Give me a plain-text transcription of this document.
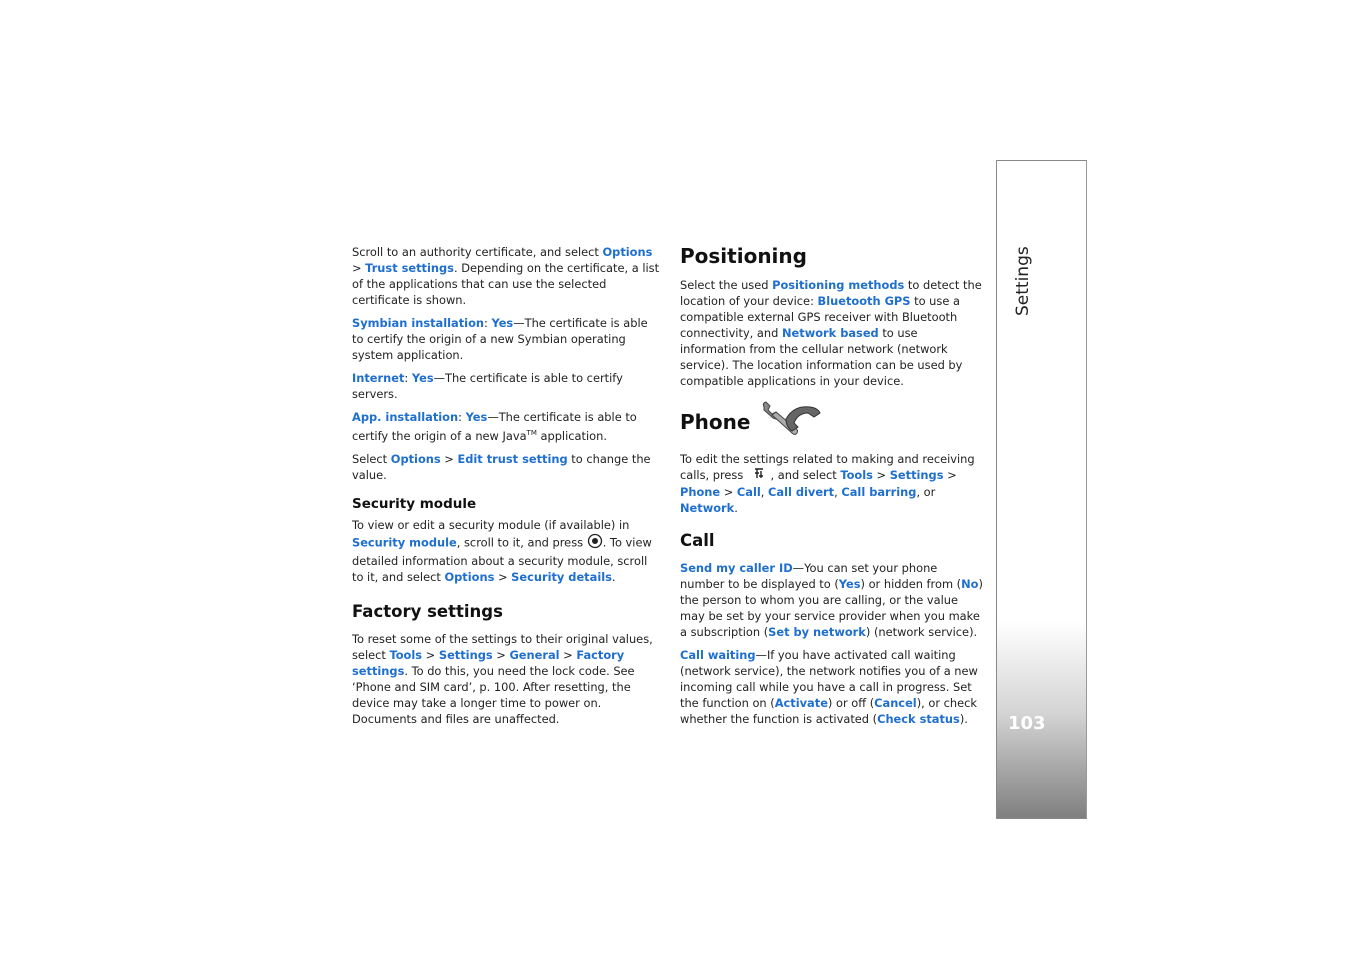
Settings
103

Scroll to an authority certificate, and select Options > Trust settings. Depending on the certificate, a list of the applications that can use the selected certificate is shown.

Symbian installation: Yes—The certificate is able to certify the origin of a new Symbian operating system application.

Internet: Yes—The certificate is able to certify servers.

App. installation: Yes—The certificate is able to certify the origin of a new Java™ application.

Select Options > Edit trust setting to change the value.

Security module

To view or edit a security module (if available) in Security module, scroll to it, and press . To view detailed information about a security module, scroll to it, and select Options > Security details.

Factory settings

To reset some of the settings to their original values, select Tools > Settings > General > Factory settings. To do this, you need the lock code. See ‘Phone and SIM card’, p. 100. After resetting, the device may take a longer time to power on. Documents and files are unaffected.

Positioning

Select the used Positioning methods to detect the location of your device: Bluetooth GPS to use a compatible external GPS receiver with Bluetooth connectivity, and Network based to use information from the cellular network (network service). The location information can be used by compatible applications in your device.

Phone

To edit the settings related to making and receiving calls, press  , and select Tools > Settings > Phone > Call, Call divert, Call barring, or Network.

Call

Send my caller ID—You can set your phone number to be displayed to (Yes) or hidden from (No) the person to whom you are calling, or the value may be set by your service provider when you make a subscription (Set by network) (network service).

Call waiting—If you have activated call waiting (network service), the network notifies you of a new incoming call while you have a call in progress. Set the function on (Activate) or off (Cancel), or check whether the function is activated (Check status).
